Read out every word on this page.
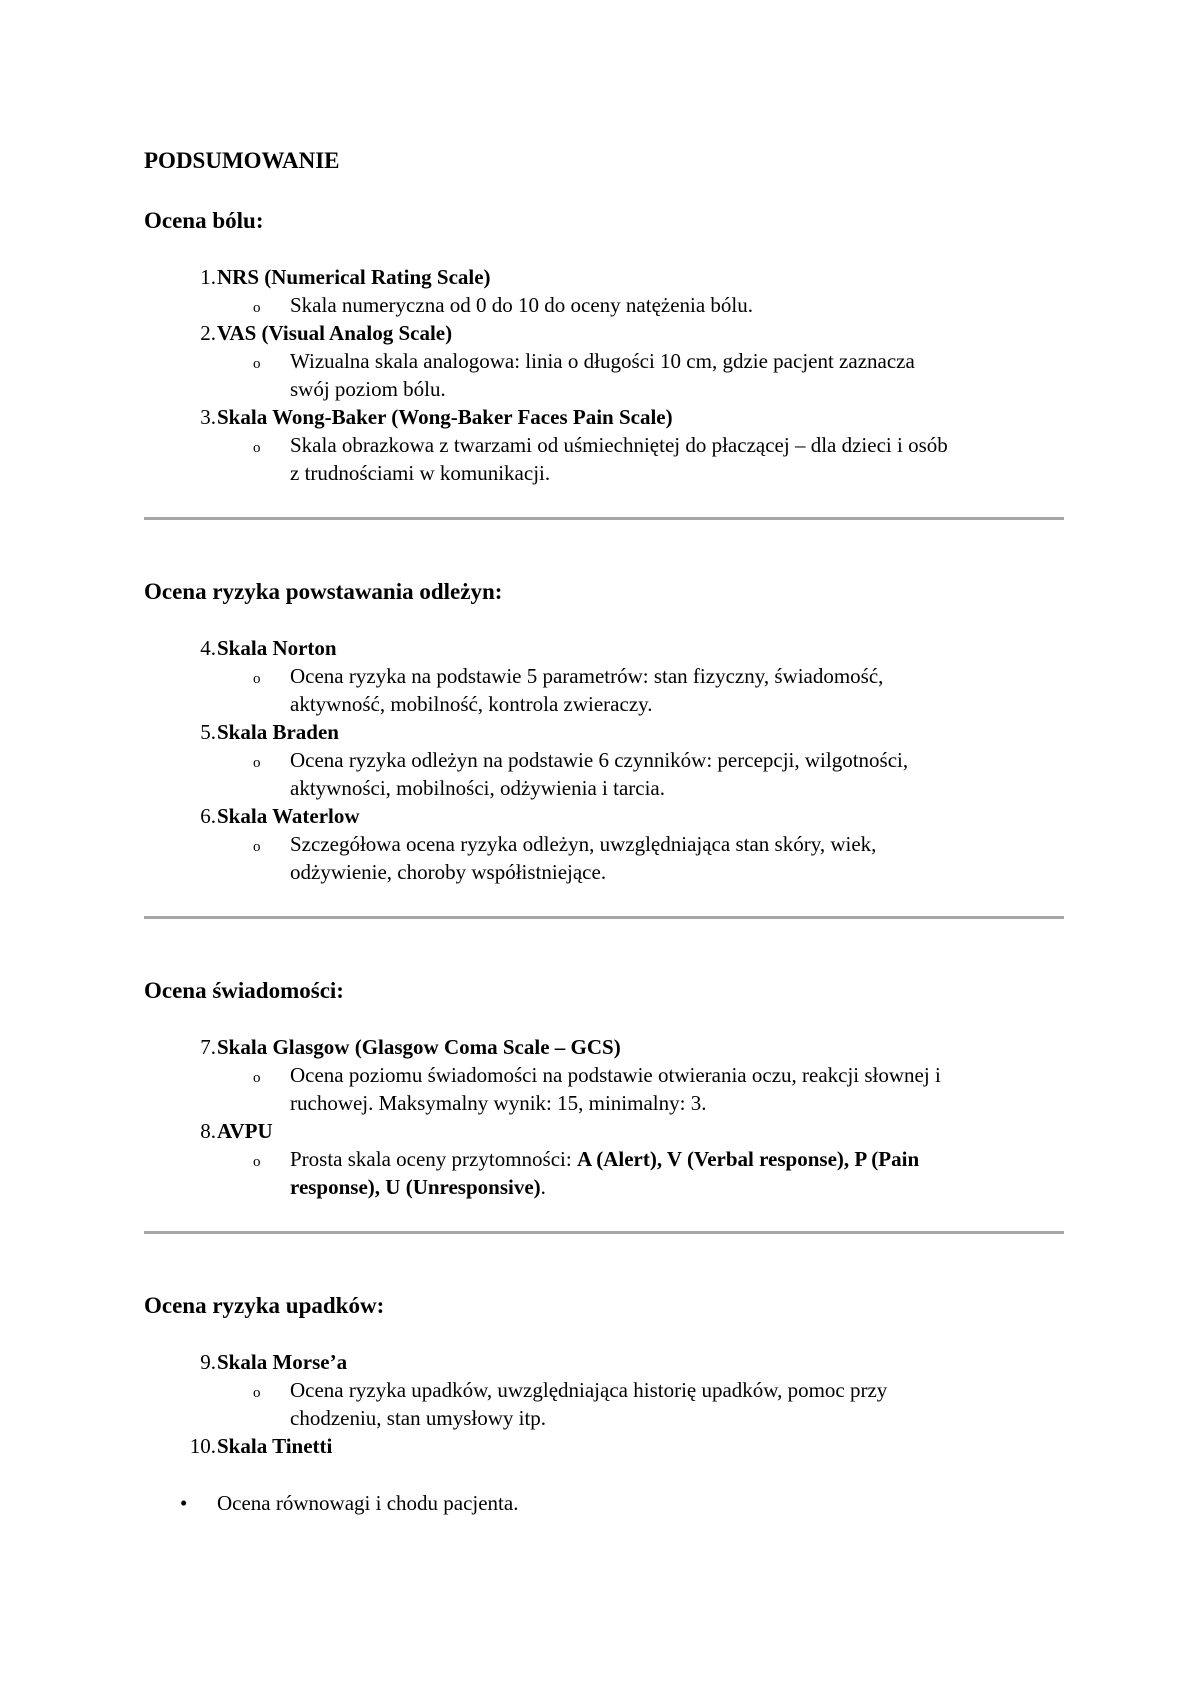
PODSUMOWANIE
Ocena bólu:
1. NRS (Numerical Rating Scale)
o Skala numeryczna od 0 do 10 do oceny natężenia bólu.
2. VAS (Visual Analog Scale)
o Wizualna skala analogowa: linia o długości 10 cm, gdzie pacjent zaznacza
swój poziom bólu.
3. Skala Wong-Baker (Wong-Baker Faces Pain Scale)
o Skala obrazkowa z twarzami od uśmiechniętej do płaczącej – dla dzieci i osób
z trudnościami w komunikacji.
Ocena ryzyka powstawania odleżyn:
4. Skala Norton
o Ocena ryzyka na podstawie 5 parametrów: stan fizyczny, świadomość,
aktywność, mobilność, kontrola zwieraczy.
5. Skala Braden
o Ocena ryzyka odleżyn na podstawie 6 czynników: percepcji, wilgotności,
aktywności, mobilności, odżywienia i tarcia.
6. Skala Waterlow
o Szczegółowa ocena ryzyka odleżyn, uwzględniająca stan skóry, wiek,
odżywienie, choroby współistniejące.
Ocena świadomości:
7. Skala Glasgow (Glasgow Coma Scale – GCS)
o Ocena poziomu świadomości na podstawie otwierania oczu, reakcji słownej i
ruchowej. Maksymalny wynik: 15, minimalny: 3.
8. AVPU
o Prosta skala oceny przytomności: A (Alert), V (Verbal response), P (Pain
response), U (Unresponsive).
Ocena ryzyka upadków:
9. Skala Morse’a
o Ocena ryzyka upadków, uwzględniająca historię upadków, pomoc przy
chodzeniu, stan umysłowy itp.
10. Skala Tinetti
• Ocena równowagi i chodu pacjenta.
